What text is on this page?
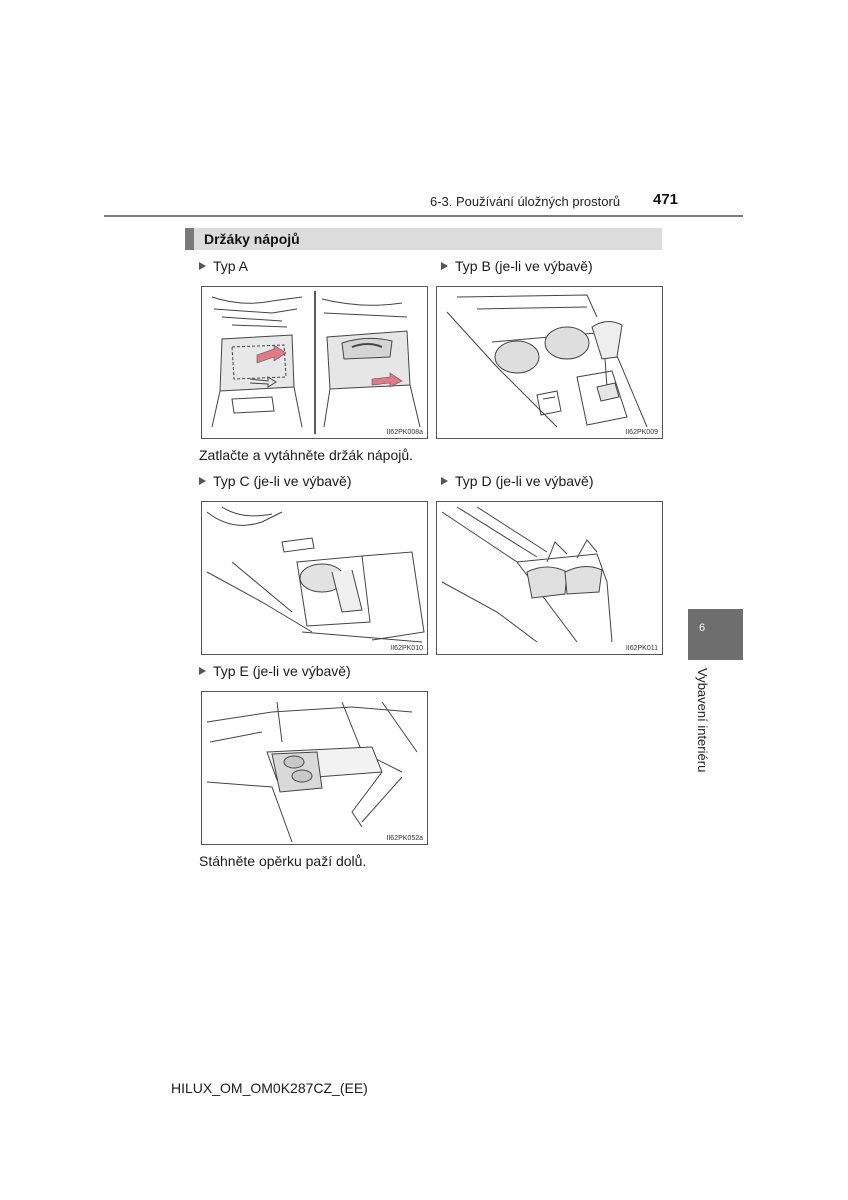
6-3. Používání úložných prostorů 471
Držáky nápojů
Typ A
II62PK008a
Typ B (je-li ve výbavě)
II62PK009
Zatlačte a vytáhněte držák nápojů.
Typ C (je-li ve výbavě)
II62PK010
Typ D (je-li ve výbavě)
II62PK011
Typ E (je-li ve výbavě)
II62PK052a
Stáhněte opěrku paží dolů.
6
Vybavení interiéru
HILUX_OM_OM0K287CZ_(EE)
